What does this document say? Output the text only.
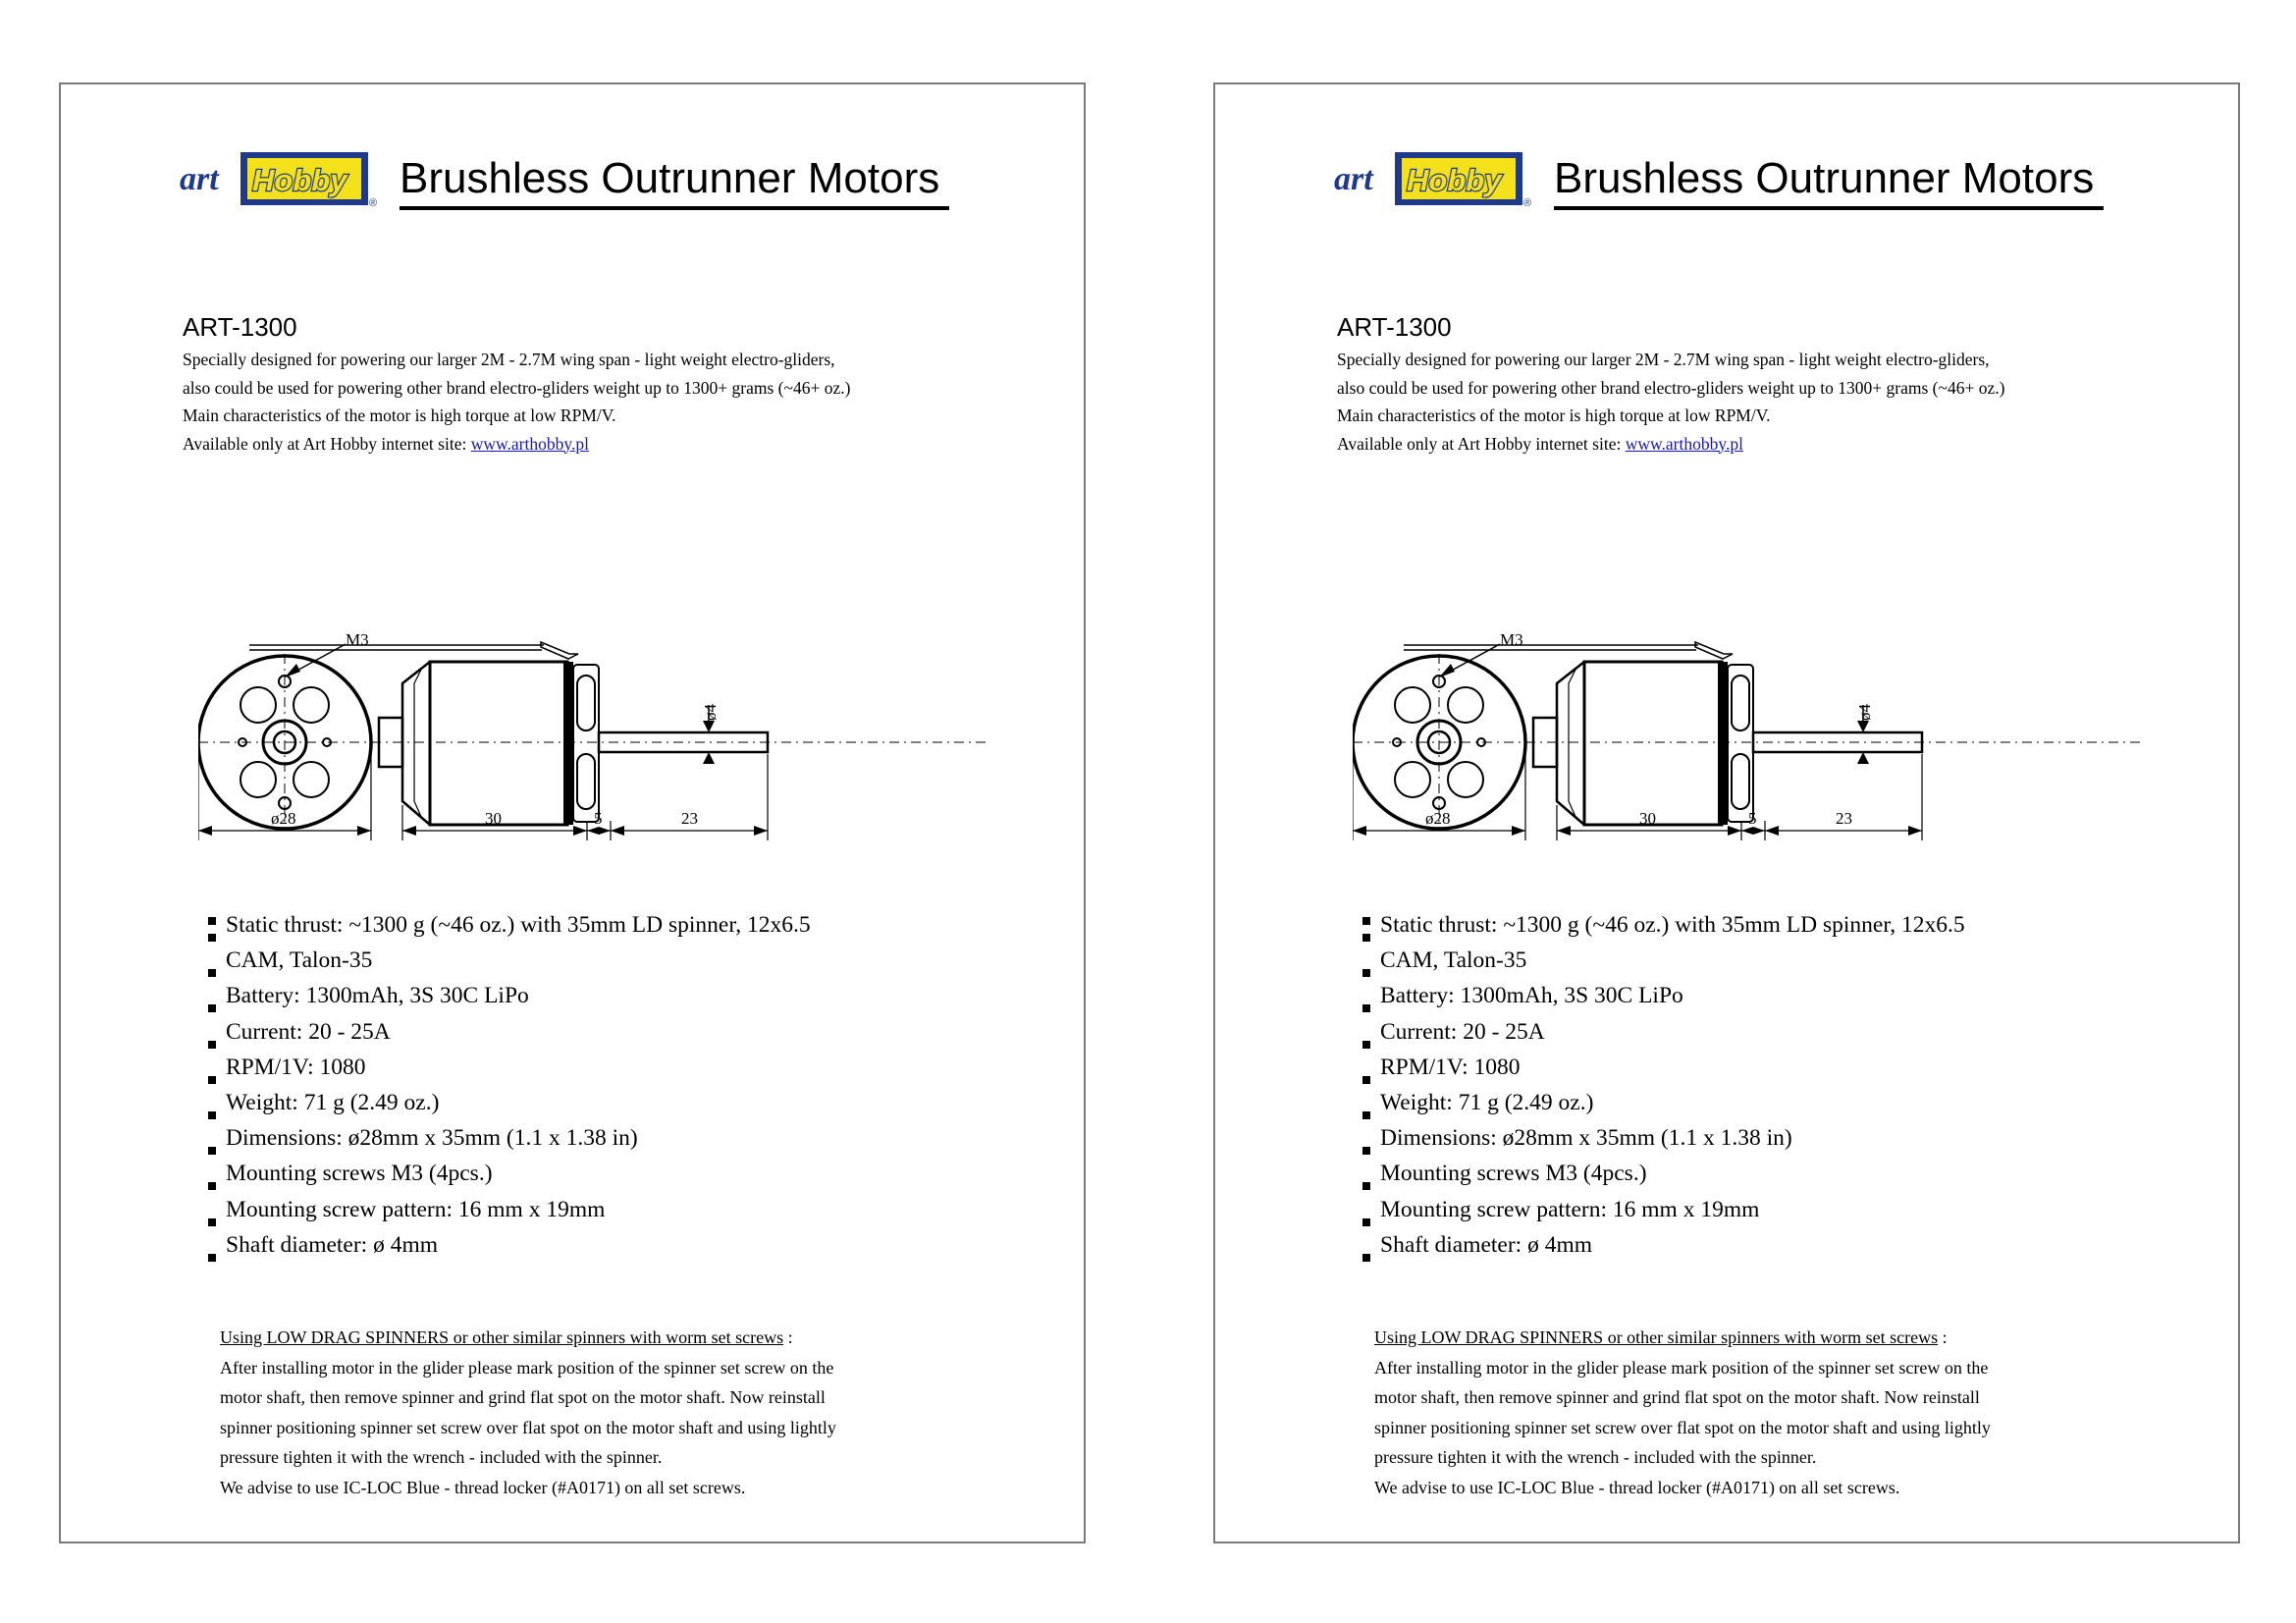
art Hobby
®
Brushless Outrunner Motors
ART-1300
Specially designed for powering our larger 2M - 2.7M wing span - light weight electro-gliders,
also could be used for powering other brand electro-gliders weight up to 1300+ grams (~46+ oz.)
Main characteristics of the motor is high torque at low RPM/V.
Available only at Art Hobby internet site: www.arthobby.pl
M3
ø4
ø28	30	5	23
Static thrust: ~1300 g (~46 oz.) with 35mm LD spinner, 12x6.5
CAM, Talon-35
Battery: 1300mAh, 3S 30C LiPo
Current: 20 - 25A
RPM/1V: 1080
Weight: 71 g (2.49 oz.)
Dimensions: ø28mm x 35mm (1.1 x 1.38 in)
Mounting screws M3 (4pcs.)
Mounting screw pattern: 16 mm x 19mm
Shaft diameter: ø 4mm
Using LOW DRAG SPINNERS or other similar spinners with worm set screws :
After installing motor in the glider please mark position of the spinner set screw on the
motor shaft, then remove spinner and grind flat spot on the motor shaft. Now reinstall
spinner positioning spinner set screw over flat spot on the motor shaft and using lightly
pressure tighten it with the wrench - included with the spinner.
We advise to use IC-LOC Blue - thread locker (#A0171) on all set screws.
art Hobby
®
Brushless Outrunner Motors
ART-1300
Specially designed for powering our larger 2M - 2.7M wing span - light weight electro-gliders,
also could be used for powering other brand electro-gliders weight up to 1300+ grams (~46+ oz.)
Main characteristics of the motor is high torque at low RPM/V.
Available only at Art Hobby internet site: www.arthobby.pl
M3
ø4
ø28	30	5	23
Static thrust: ~1300 g (~46 oz.) with 35mm LD spinner, 12x6.5
CAM, Talon-35
Battery: 1300mAh, 3S 30C LiPo
Current: 20 - 25A
RPM/1V: 1080
Weight: 71 g (2.49 oz.)
Dimensions: ø28mm x 35mm (1.1 x 1.38 in)
Mounting screws M3 (4pcs.)
Mounting screw pattern: 16 mm x 19mm
Shaft diameter: ø 4mm
Using LOW DRAG SPINNERS or other similar spinners with worm set screws :
After installing motor in the glider please mark position of the spinner set screw on the
motor shaft, then remove spinner and grind flat spot on the motor shaft. Now reinstall
spinner positioning spinner set screw over flat spot on the motor shaft and using lightly
pressure tighten it with the wrench - included with the spinner.
We advise to use IC-LOC Blue - thread locker (#A0171) on all set screws.
